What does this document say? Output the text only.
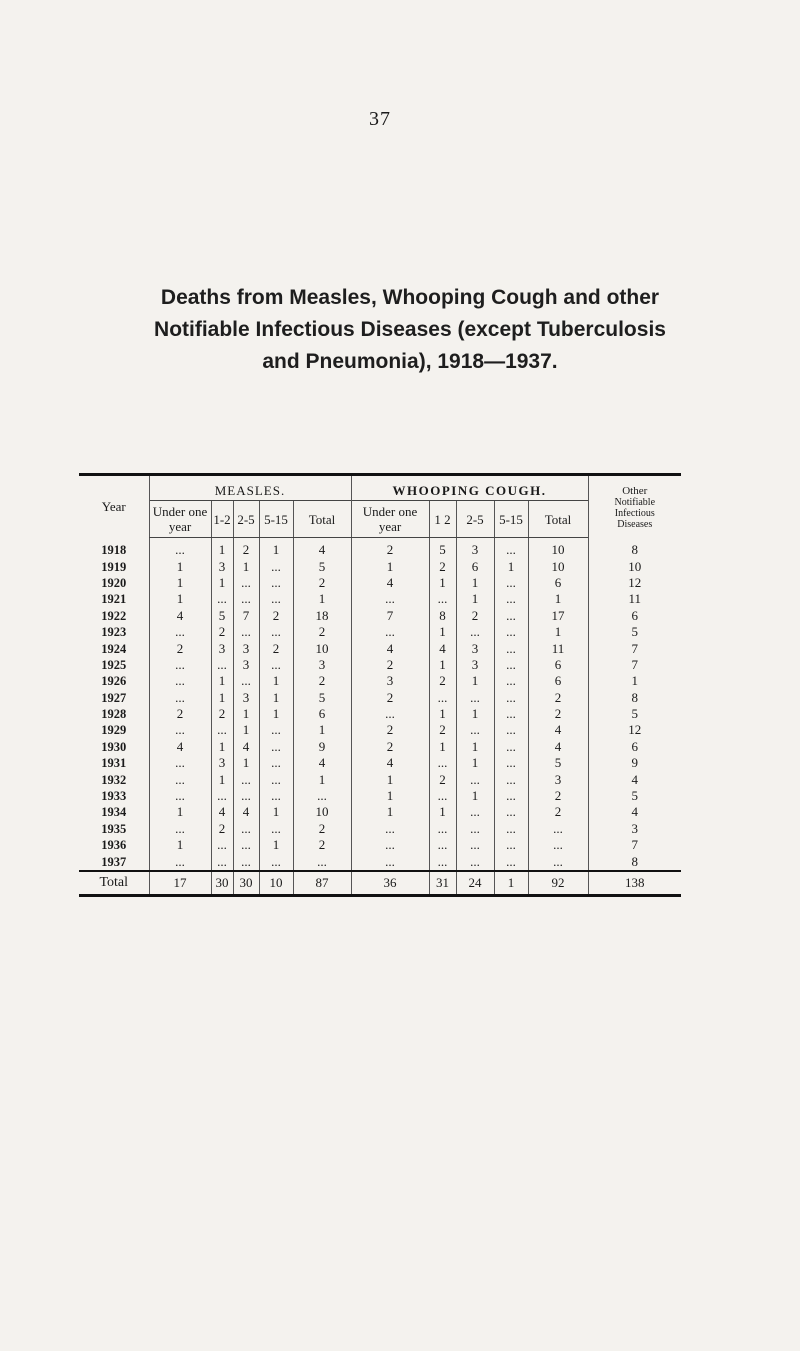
37
Deaths from Measles, Whooping Cough and other
Notifiable Infectious Diseases (except Tuberculosis
and Pneumonia), 1918—1937.

Year	MEASLES.					WHOOPING COUGH.					Other
Notifiable
Infectious
Diseases

	Under one year	1-2	2-5	5-15	Total	Under one year	1 2	2-5	5-15	Total	
1918	...	1	2	1	4	2	5	3	...	10	8
1919	1	3	1	...	5	1	2	6	1	10	10
1920	1	1	...	...	2	4	1	1	...	6	12
1921	1	...	...	...	1	...	...	1	...	1	11
1922	4	5	7	2	18	7	8	2	...	17	6
1923	...	2	...	...	2	...	1	...	...	1	5
1924	2	3	3	2	10	4	4	3	...	11	7
1925	...	...	3	...	3	2	1	3	...	6	7
1926	...	1	...	1	2	3	2	1	...	6	1
1927	...	1	3	1	5	2	...	...	...	2	8
1928	2	2	1	1	6	...	1	1	...	2	5
1929	...	...	1	...	1	2	2	...	...	4	12
1930	4	1	4	...	9	2	1	1	...	4	6
1931	...	3	1	...	4	4	...	1	...	5	9
1932	...	1	...	...	1	1	2	...	...	3	4
1933	...	...	...	...	...	1	...	1	...	2	5
1934	1	4	4	1	10	1	1	...	...	2	4
1935	...	2	...	...	2	...	...	...	...	...	3
1936	1	...	...	1	2	...	...	...	...	...	7
1937	...	...	...	...	...	...	...	...	...	...	8
Total	17	30	30	10	87	36	31	24	1	92	138
